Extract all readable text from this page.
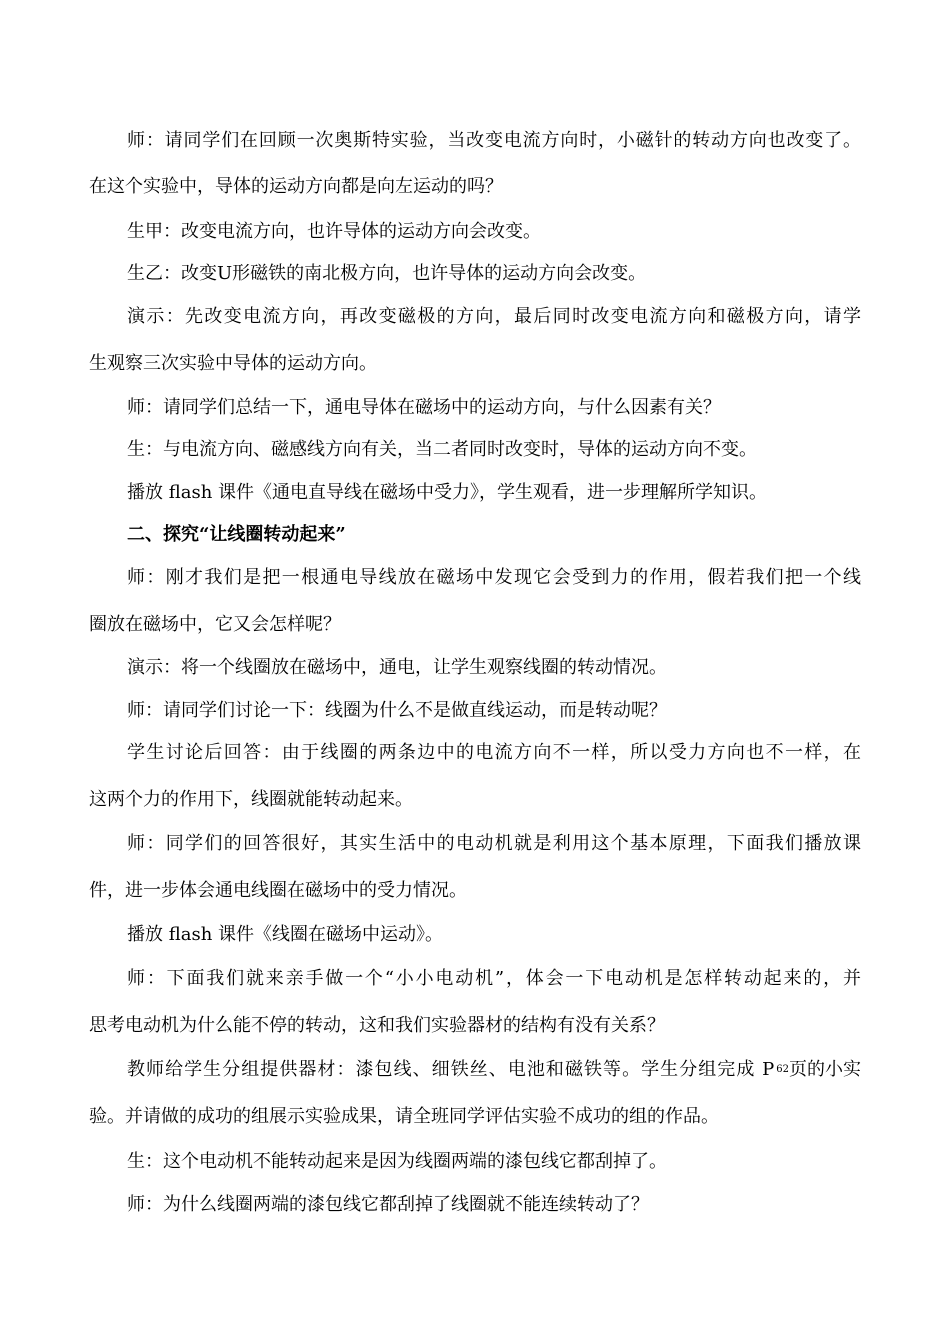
师：请同学们在回顾一次奥斯特实验，当改变电流方向时，小磁针的转动方向也改变了。
在这个实验中，导体的运动方向都是向左运动的吗？
生甲：改变电流方向，也许导体的运动方向会改变。
生乙：改变U形磁铁的南北极方向，也许导体的运动方向会改变。
演示：先改变电流方向，再改变磁极的方向，最后同时改变电流方向和磁极方向，请学
生观察三次实验中导体的运动方向。
师：请同学们总结一下，通电导体在磁场中的运动方向，与什么因素有关？
生：与电流方向、磁感线方向有关，当二者同时改变时，导体的运动方向不变。
播放 flash 课件《通电直导线在磁场中受力》，学生观看，进一步理解所学知识。
二、探究“让线圈转动起来”
师：刚才我们是把一根通电导线放在磁场中发现它会受到力的作用，假若我们把一个线
圈放在磁场中，它又会怎样呢？
演示：将一个线圈放在磁场中，通电，让学生观察线圈的转动情况。
师：请同学们讨论一下：线圈为什么不是做直线运动，而是转动呢？
学生讨论后回答：由于线圈的两条边中的电流方向不一样，所以受力方向也不一样，在
这两个力的作用下，线圈就能转动起来。
师：同学们的回答很好，其实生活中的电动机就是利用这个基本原理，下面我们播放课
件，进一步体会通电线圈在磁场中的受力情况。
播放 flash 课件《线圈在磁场中运动》。
师：下面我们就来亲手做一个“小小电动机”，体会一下电动机是怎样转动起来的，并
思考电动机为什么能不停的转动，这和我们实验器材的结构有没有关系？
教师给学生分组提供器材：漆包线、细铁丝、电池和磁铁等。学生分组完成 P 62 页的小实
验。并请做的成功的组展示实验成果，请全班同学评估实验不成功的组的作品。
生：这个电动机不能转动起来是因为线圈两端的漆包线它都刮掉了。
师：为什么线圈两端的漆包线它都刮掉了线圈就不能连续转动了？
